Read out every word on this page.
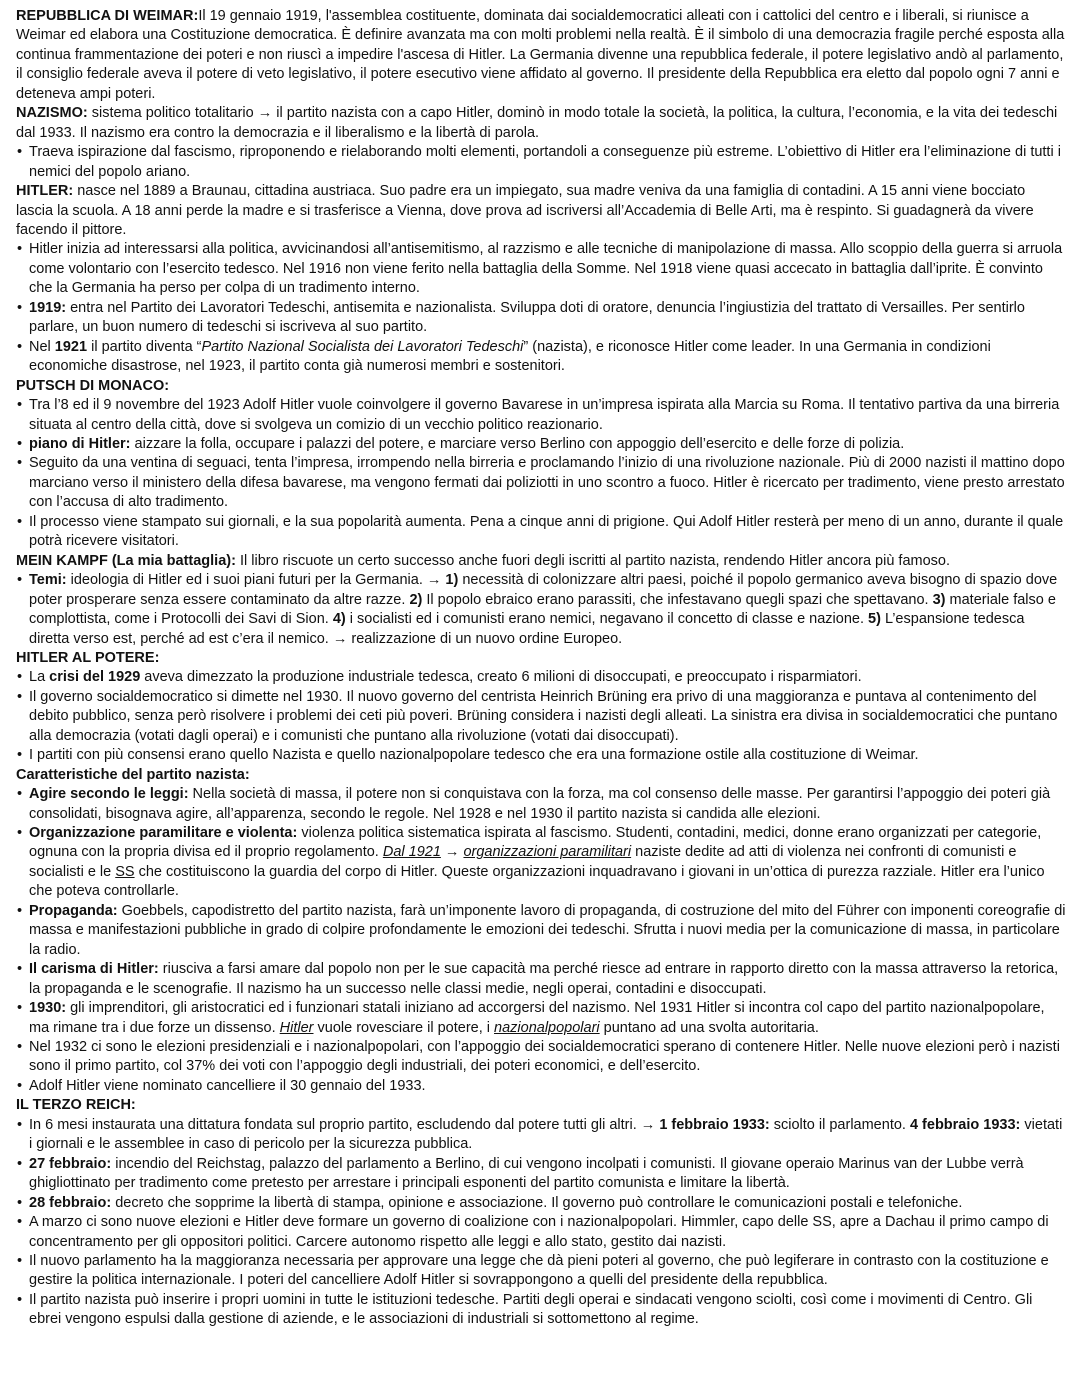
REPUBBLICA DI WEIMAR:Il 19 gennaio 1919, l'assemblea costituente, dominata dai socialdemocratici alleati con i cattolici del centro e i liberali, si riunisce a Weimar ed elabora una Costituzione democratica. È definire avanzata ma con molti problemi nella realtà. È il simbolo di una democrazia fragile perché esposta alla continua frammentazione dei poteri e non riuscì a impedire l'ascesa di Hitler. La Germania divenne una repubblica federale, il potere legislativo andò al parlamento, il consiglio federale aveva il potere di veto legislativo, il potere esecutivo viene affidato al governo. Il presidente della Repubblica era eletto dal popolo ogni 7 anni e deteneva ampi poteri.

NAZISMO: sistema politico totalitario → il partito nazista con a capo Hitler, dominò in modo totale la società, la politica, la cultura, l’economia, e la vita dei tedeschi dal 1933. Il nazismo era contro la democrazia e il liberalismo e la libertà di parola.

• Traeva ispirazione dal fascismo, riproponendo e rielaborando molti elementi, portandoli a conseguenze più estreme. L’obiettivo di Hitler era l’eliminazione di tutti i nemici del popolo ariano.

HITLER: nasce nel 1889 a Braunau, cittadina austriaca. Suo padre era un impiegato, sua madre veniva da una famiglia di contadini. A 15 anni viene bocciato lascia la scuola. A 18 anni perde la madre e si trasferisce a Vienna, dove prova ad iscriversi all’Accademia di Belle Arti, ma è respinto. Si guadagnerà da vivere facendo il pittore.

• Hitler inizia ad interessarsi alla politica, avvicinandosi all’antisemitismo, al razzismo e alle tecniche di manipolazione di massa. Allo scoppio della guerra si arruola come volontario con l’esercito tedesco. Nel 1916 non viene ferito nella battaglia della Somme. Nel 1918 viene quasi accecato in battaglia dall’iprite. È convinto che la Germania ha perso per colpa di un tradimento interno.
• 1919: entra nel Partito dei Lavoratori Tedeschi, antisemita e nazionalista. Sviluppa doti di oratore, denuncia l’ingiustizia del trattato di Versailles. Per sentirlo parlare, un buon numero di tedeschi si iscriveva al suo partito.
• Nel 1921 il partito diventa “Partito Nazional Socialista dei Lavoratori Tedeschi” (nazista), e riconosce Hitler come leader. In una Germania in condizioni economiche disastrose, nel 1923, il partito conta già numerosi membri e sostenitori.

PUTSCH DI MONACO:

• Tra l’8 ed il 9 novembre del 1923 Adolf Hitler vuole coinvolgere il governo Bavarese in un’impresa ispirata alla Marcia su Roma. Il tentativo partiva da una birreria situata al centro della città, dove si svolgeva un comizio di un vecchio politico reazionario.
• piano di Hitler: aizzare la folla, occupare i palazzi del potere, e marciare verso Berlino con appoggio dell’esercito e delle forze di polizia.
• Seguito da una ventina di seguaci, tenta l’impresa, irrompendo nella birreria e proclamando l’inizio di una rivoluzione nazionale. Più di 2000 nazisti il mattino dopo marciano verso il ministero della difesa bavarese, ma vengono fermati dai poliziotti in uno scontro a fuoco. Hitler è ricercato per tradimento, viene presto arrestato con l’accusa di alto tradimento.
• Il processo viene stampato sui giornali, e la sua popolarità aumenta. Pena a cinque anni di prigione. Qui Adolf Hitler resterà per meno di un anno, durante il quale potrà ricevere visitatori.

MEIN KAMPF (La mia battaglia): Il libro riscuote un certo successo anche fuori degli iscritti al partito nazista, rendendo Hitler ancora più famoso.

• Temi: ideologia di Hitler ed i suoi piani futuri per la Germania. → 1) necessità di colonizzare altri paesi, poiché il popolo germanico aveva bisogno di spazio dove poter prosperare senza essere contaminato da altre razze. 2) Il popolo ebraico erano parassiti, che infestavano quegli spazi che spettavano. 3) materiale falso e complottista, come i Protocolli dei Savi di Sion. 4) i socialisti ed i comunisti erano nemici, negavano il concetto di classe e nazione. 5) L’espansione tedesca diretta verso est, perché ad est c’era il nemico. → realizzazione di un nuovo ordine Europeo.

HITLER AL POTERE:

• La crisi del 1929 aveva dimezzato la produzione industriale tedesca, creato 6 milioni di disoccupati, e preoccupato i risparmiatori.
• Il governo socialdemocratico si dimette nel 1930. Il nuovo governo del centrista Heinrich Brüning era privo di una maggioranza e puntava al contenimento del debito pubblico, senza però risolvere i problemi dei ceti più poveri. Brüning considera i nazisti degli alleati. La sinistra era divisa in socialdemocratici che puntano alla democrazia (votati dagli operai) e i comunisti che puntano alla rivoluzione (votati dai disoccupati).
• I partiti con più consensi erano quello Nazista e quello nazionalpopolare tedesco che era una formazione ostile alla costituzione di Weimar.

Caratteristiche del partito nazista:

• Agire secondo le leggi: Nella società di massa, il potere non si conquistava con la forza, ma col consenso delle masse. Per garantirsi l’appoggio dei poteri già consolidati, bisognava agire, all’apparenza, secondo le regole. Nel 1928 e nel 1930 il partito nazista si candida alle elezioni.
• Organizzazione paramilitare e violenta: violenza politica sistematica ispirata al fascismo. Studenti, contadini, medici, donne erano organizzati per categorie, ognuna con la propria divisa ed il proprio regolamento. Dal 1921 → organizzazioni paramilitari naziste dedite ad atti di violenza nei confronti di comunisti e socialisti e le SS che costituiscono la guardia del corpo di Hitler. Queste organizzazioni inquadravano i giovani in un’ottica di purezza razziale. Hitler era l’unico che poteva controllarle.
• Propaganda: Goebbels, capodistretto del partito nazista, farà un’imponente lavoro di propaganda, di costruzione del mito del Führer con imponenti coreografie di massa e manifestazioni pubbliche in grado di colpire profondamente le emozioni dei tedeschi. Sfrutta i nuovi media per la comunicazione di massa, in particolare la radio.
• Il carisma di Hitler: riusciva a farsi amare dal popolo non per le sue capacità ma perché riesce ad entrare in rapporto diretto con la massa attraverso la retorica, la propaganda e le scenografie. Il nazismo ha un successo nelle classi medie, negli operai, contadini e disoccupati.
• 1930: gli imprenditori, gli aristocratici ed i funzionari statali iniziano ad accorgersi del nazismo. Nel 1931 Hitler si incontra col capo del partito nazionalpopolare, ma rimane tra i due forze un dissenso. Hitler vuole rovesciare il potere, i nazionalpopolari puntano ad una svolta autoritaria.
• Nel 1932 ci sono le elezioni presidenziali e i nazionalpopolari, con l’appoggio dei socialdemocratici sperano di contenere Hitler. Nelle nuove elezioni però i nazisti sono il primo partito, col 37% dei voti con l’appoggio degli industriali, dei poteri economici, e dell’esercito.
• Adolf Hitler viene nominato cancelliere il 30 gennaio del 1933.

IL TERZO REICH:

• In 6 mesi instaurata una dittatura fondata sul proprio partito, escludendo dal potere tutti gli altri. → 1 febbraio 1933: sciolto il parlamento. 4 febbraio 1933: vietati i giornali e le assemblee in caso di pericolo per la sicurezza pubblica.
• 27 febbraio: incendio del Reichstag, palazzo del parlamento a Berlino, di cui vengono incolpati i comunisti. Il giovane operaio Marinus van der Lubbe verrà ghigliottinato per tradimento come pretesto per arrestare i principali esponenti del partito comunista e limitare la libertà.
• 28 febbraio: decreto che sopprime la libertà di stampa, opinione e associazione. Il governo può controllare le comunicazioni postali e telefoniche.
• A marzo ci sono nuove elezioni e Hitler deve formare un governo di coalizione con i nazionalpopolari. Himmler, capo delle SS, apre a Dachau il primo campo di concentramento per gli oppositori politici. Carcere autonomo rispetto alle leggi e allo stato, gestito dai nazisti.
• Il nuovo parlamento ha la maggioranza necessaria per approvare una legge che dà pieni poteri al governo, che può legiferare in contrasto con la costituzione e gestire la politica internazionale. I poteri del cancelliere Adolf Hitler si sovrappongono a quelli del presidente della repubblica.
• Il partito nazista può inserire i propri uomini in tutte le istituzioni tedesche. Partiti degli operai e sindacati vengono sciolti, così come i movimenti di Centro. Gli ebrei vengono espulsi dalla gestione di aziende, e le associazioni di industriali si sottomettono al regime.
